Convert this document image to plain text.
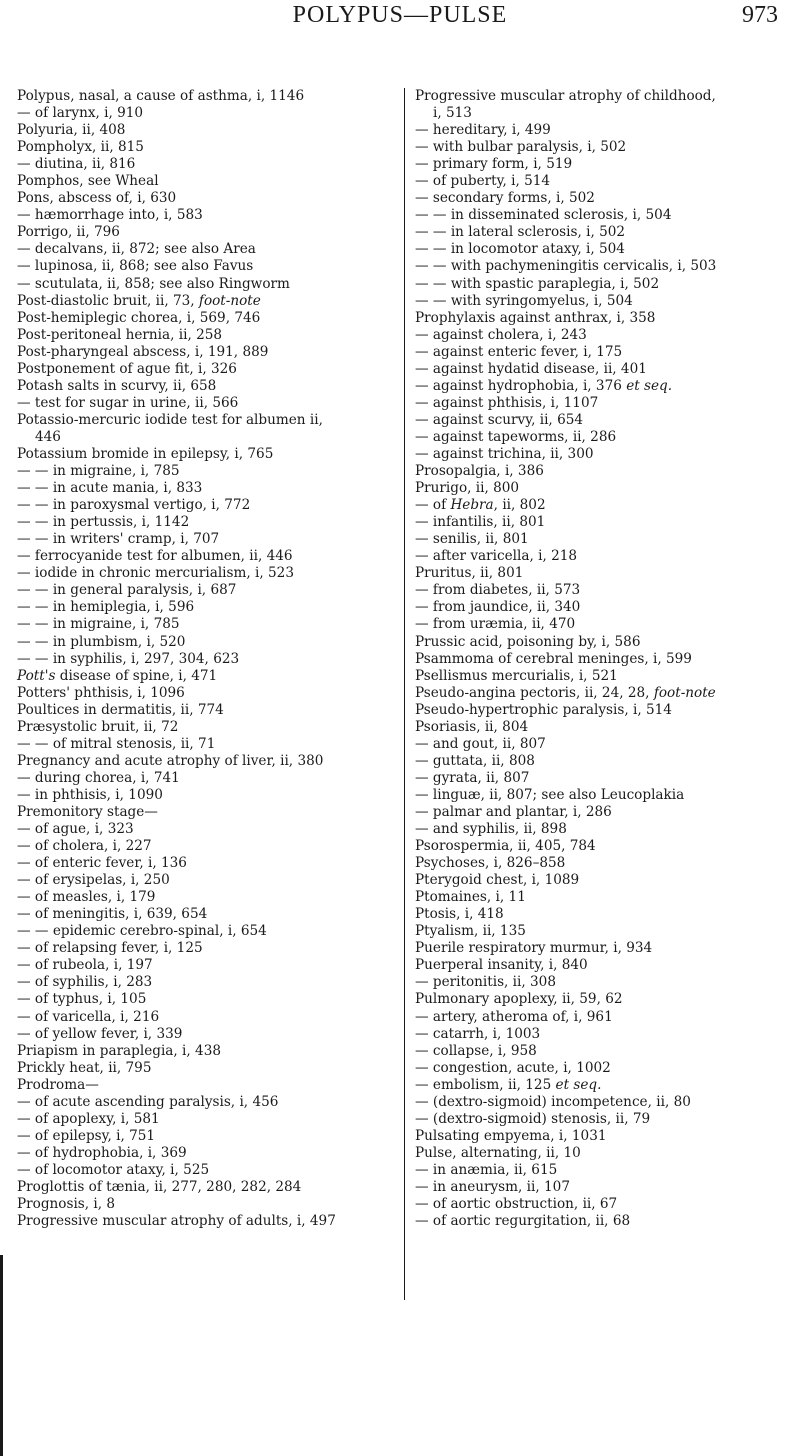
POLYPUS—PULSE	973
Polypus, nasal, a cause of asthma, i, 1146
— of larynx, i, 910
Polyuria, ii, 408
Pompholyx, ii, 815
— diutina, ii, 816
Pomphos, see Wheal
Pons, abscess of, i, 630
— hæmorrhage into, i, 583
Porrigo, ii, 796
— decalvans, ii, 872; see also Area
— lupinosa, ii, 868; see also Favus
— scutulata, ii, 858; see also Ringworm
Post-diastolic bruit, ii, 73, foot-note
Post-hemiplegic chorea, i, 569, 746
Post-peritoneal hernia, ii, 258
Post-pharyngeal abscess, i, 191, 889
Postponement of ague fit, i, 326
Potash salts in scurvy, ii, 658
— test for sugar in urine, ii, 566
Potassio-mercuric iodide test for albumen ii,
446
Potassium bromide in epilepsy, i, 765
— — in migraine, i, 785
— — in acute mania, i, 833
— — in paroxysmal vertigo, i, 772
— — in pertussis, i, 1142
— — in writers' cramp, i, 707
— ferrocyanide test for albumen, ii, 446
— iodide in chronic mercurialism, i, 523
— — in general paralysis, i, 687
— — in hemiplegia, i, 596
— — in migraine, i, 785
— — in plumbism, i, 520
— — in syphilis, i, 297, 304, 623
Pott's disease of spine, i, 471
Potters' phthisis, i, 1096
Poultices in dermatitis, ii, 774
Præsystolic bruit, ii, 72
— — of mitral stenosis, ii, 71
Pregnancy and acute atrophy of liver, ii, 380
— during chorea, i, 741
— in phthisis, i, 1090
Premonitory stage—
— of ague, i, 323
— of cholera, i, 227
— of enteric fever, i, 136
— of erysipelas, i, 250
— of measles, i, 179
— of meningitis, i, 639, 654
— — epidemic cerebro-spinal, i, 654
— of relapsing fever, i, 125
— of rubeola, i, 197
— of syphilis, i, 283
— of typhus, i, 105
— of varicella, i, 216
— of yellow fever, i, 339
Priapism in paraplegia, i, 438
Prickly heat, ii, 795
Prodroma—
— of acute ascending paralysis, i, 456
— of apoplexy, i, 581
— of epilepsy, i, 751
— of hydrophobia, i, 369
— of locomotor ataxy, i, 525
Proglottis of tænia, ii, 277, 280, 282, 284
Prognosis, i, 8
Progressive muscular atrophy of adults, i, 497
Progressive muscular atrophy of childhood,
i, 513
— hereditary, i, 499
— with bulbar paralysis, i, 502
— primary form, i, 519
— of puberty, i, 514
— secondary forms, i, 502
— — in disseminated sclerosis, i, 504
— — in lateral sclerosis, i, 502
— — in locomotor ataxy, i, 504
— — with pachymeningitis cervicalis, i, 503
— — with spastic paraplegia, i, 502
— — with syringomyelus, i, 504
Prophylaxis against anthrax, i, 358
— against cholera, i, 243
— against enteric fever, i, 175
— against hydatid disease, ii, 401
— against hydrophobia, i, 376 et seq.
— against phthisis, i, 1107
— against scurvy, ii, 654
— against tapeworms, ii, 286
— against trichina, ii, 300
Prosopalgia, i, 386
Prurigo, ii, 800
— of Hebra, ii, 802
— infantilis, ii, 801
— senilis, ii, 801
— after varicella, i, 218
Pruritus, ii, 801
— from diabetes, ii, 573
— from jaundice, ii, 340
— from uræmia, ii, 470
Prussic acid, poisoning by, i, 586
Psammoma of cerebral meninges, i, 599
Psellismus mercurialis, i, 521
Pseudo-angina pectoris, ii, 24, 28, foot-note
Pseudo-hypertrophic paralysis, i, 514
Psoriasis, ii, 804
— and gout, ii, 807
— guttata, ii, 808
— gyrata, ii, 807
— linguæ, ii, 807; see also Leucoplakia
— palmar and plantar, i, 286
— and syphilis, ii, 898
Psorospermia, ii, 405, 784
Psychoses, i, 826–858
Pterygoid chest, i, 1089
Ptomaines, i, 11
Ptosis, i, 418
Ptyalism, ii, 135
Puerile respiratory murmur, i, 934
Puerperal insanity, i, 840
— peritonitis, ii, 308
Pulmonary apoplexy, ii, 59, 62
— artery, atheroma of, i, 961
— catarrh, i, 1003
— collapse, i, 958
— congestion, acute, i, 1002
— embolism, ii, 125 et seq.
— (dextro-sigmoid) incompetence, ii, 80
— (dextro-sigmoid) stenosis, ii, 79
Pulsating empyema, i, 1031
Pulse, alternating, ii, 10
— in anæmia, ii, 615
— in aneurysm, ii, 107
— of aortic obstruction, ii, 67
— of aortic regurgitation, ii, 68
